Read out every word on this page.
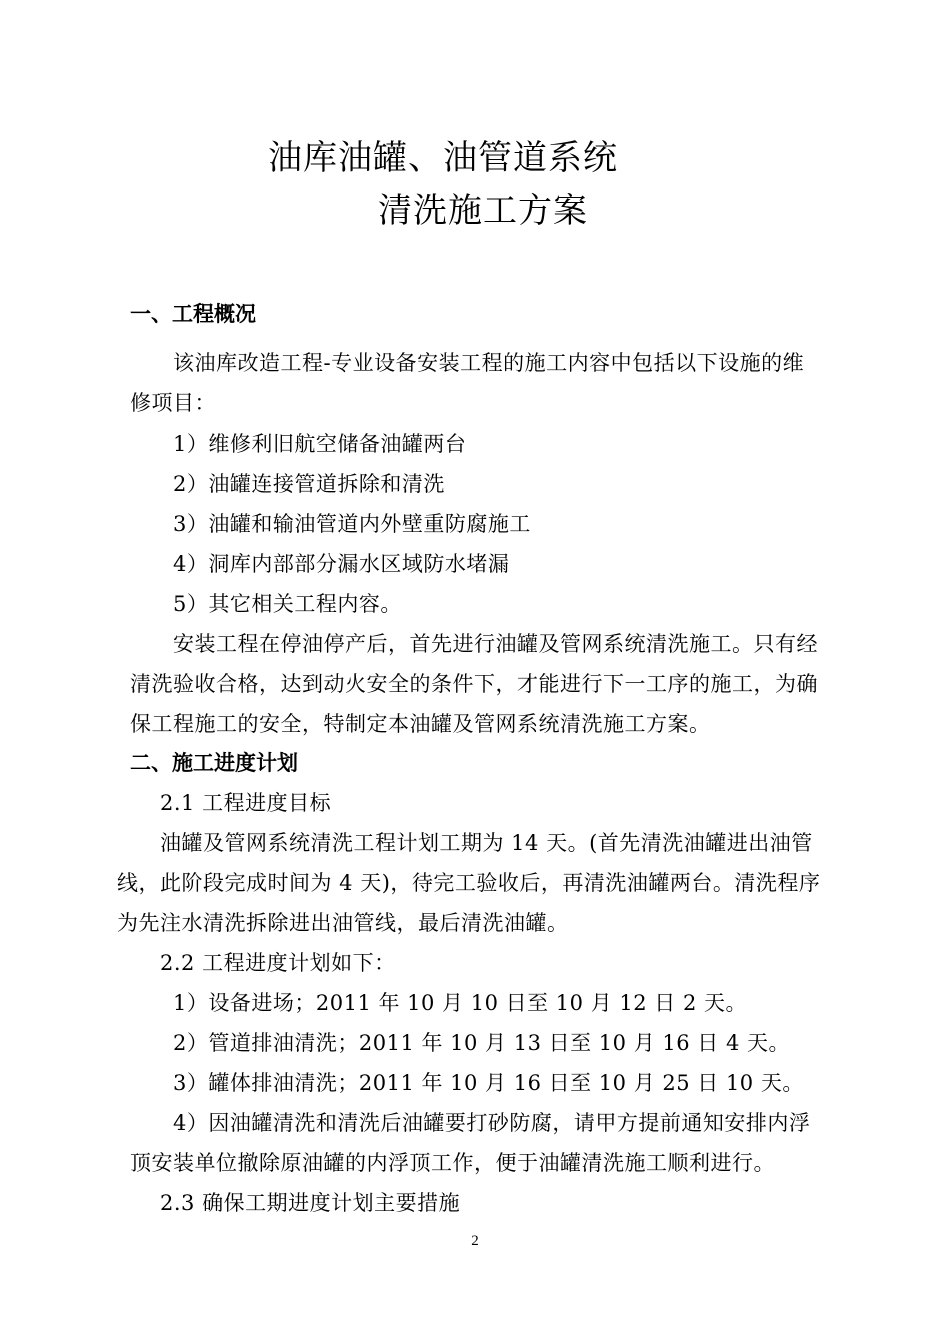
油库油罐、油管道系统
清洗施工方案
一、工程概况
该油库改造工程-专业设备安装工程的施工内容中包括以下设施的维
修项目：
1）维修利旧航空储备油罐两台
2）油罐连接管道拆除和清洗
3）油罐和输油管道内外壁重防腐施工
4）洞库内部部分漏水区域防水堵漏
5）其它相关工程内容。
安装工程在停油停产后，首先进行油罐及管网系统清洗施工。只有经
清洗验收合格，达到动火安全的条件下，才能进行下一工序的施工，为确
保工程施工的安全，特制定本油罐及管网系统清洗施工方案。
二、施工进度计划
2.1 工程进度目标
油罐及管网系统清洗工程计划工期为 14 天。(首先清洗油罐进出油管
线，此阶段完成时间为 4 天)，待完工验收后，再清洗油罐两台。清洗程序
为先注水清洗拆除进出油管线，最后清洗油罐。
2.2 工程进度计划如下：
1）设备进场；2011 年 10 月 10 日至 10 月 12 日 2 天。
2）管道排油清洗；2011 年 10 月 13 日至 10 月 16 日 4 天。
3）罐体排油清洗；2011 年 10 月 16 日至 10 月 25 日 10 天。
4）因油罐清洗和清洗后油罐要打砂防腐，请甲方提前通知安排内浮
顶安装单位撤除原油罐的内浮顶工作，便于油罐清洗施工顺利进行。
2.3 确保工期进度计划主要措施
2
